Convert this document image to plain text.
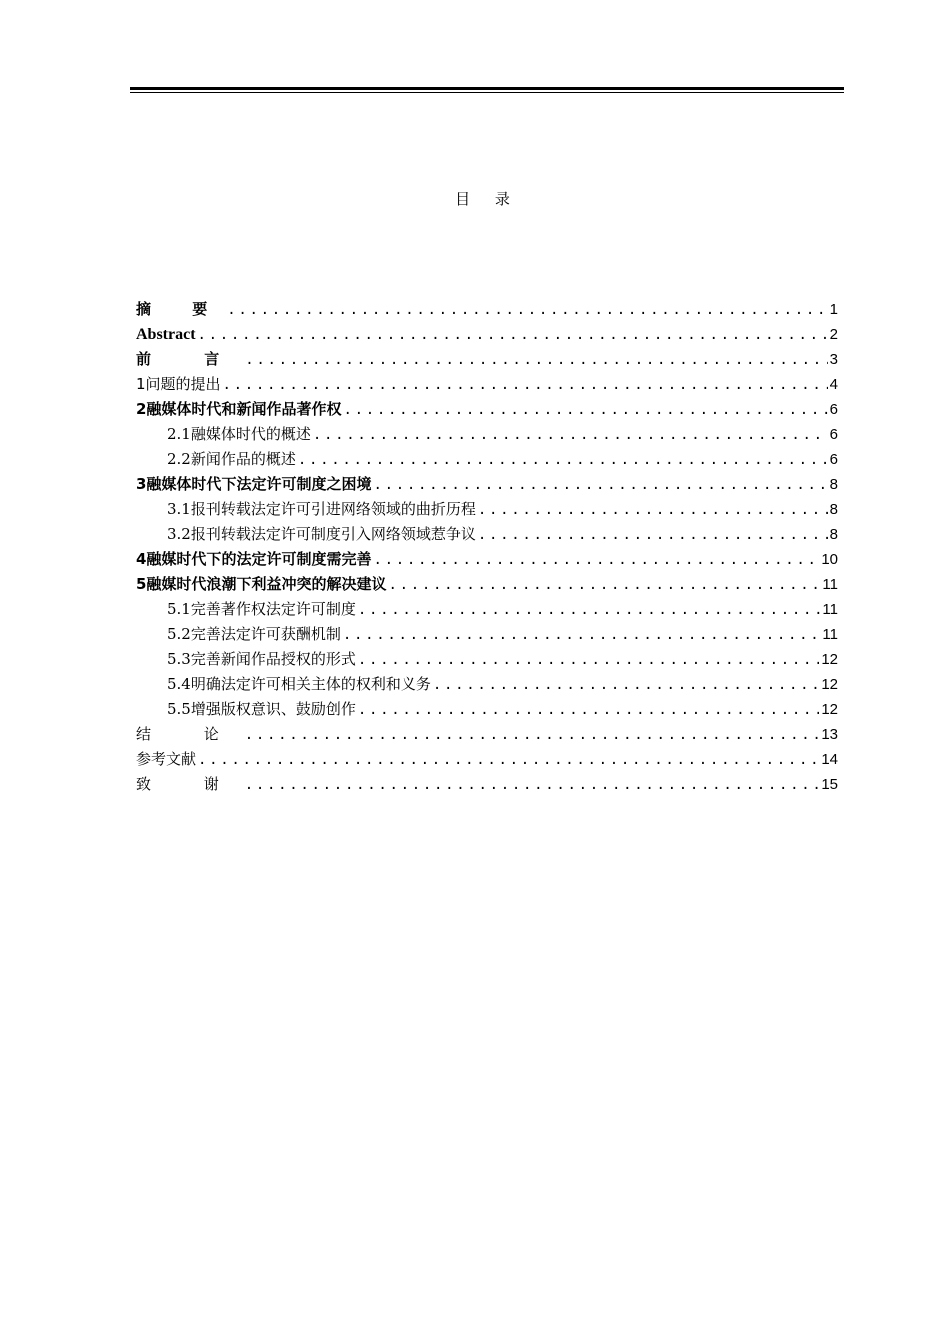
目 录
摘 要 .....	1
Abstract .....	2
前 言 .....	3
1问题的提出 .....	4
2融媒体时代和新闻作品著作权 .....	6
2.1融媒体时代的概述 .....	6
2.2新闻作品的概述 .....	6
3融媒体时代下法定许可制度之困境 .....	8
3.1报刊转载法定许可引进网络领域的曲折历程 .....	8
3.2报刊转载法定许可制度引入网络领域惹争议 .....	8
4融媒时代下的法定许可制度需完善 .....	10
5融媒时代浪潮下利益冲突的解决建议 .....	11
5.1完善著作权法定许可制度 .....	11
5.2完善法定许可获酬机制 .....	11
5.3完善新闻作品授权的形式 .....	12
5.4明确法定许可相关主体的权利和义务 .....	12
5.5增强版权意识、鼓励创作 .....	12
结 论 .....	13
参考文献 .....	14
致 谢 .....	15
